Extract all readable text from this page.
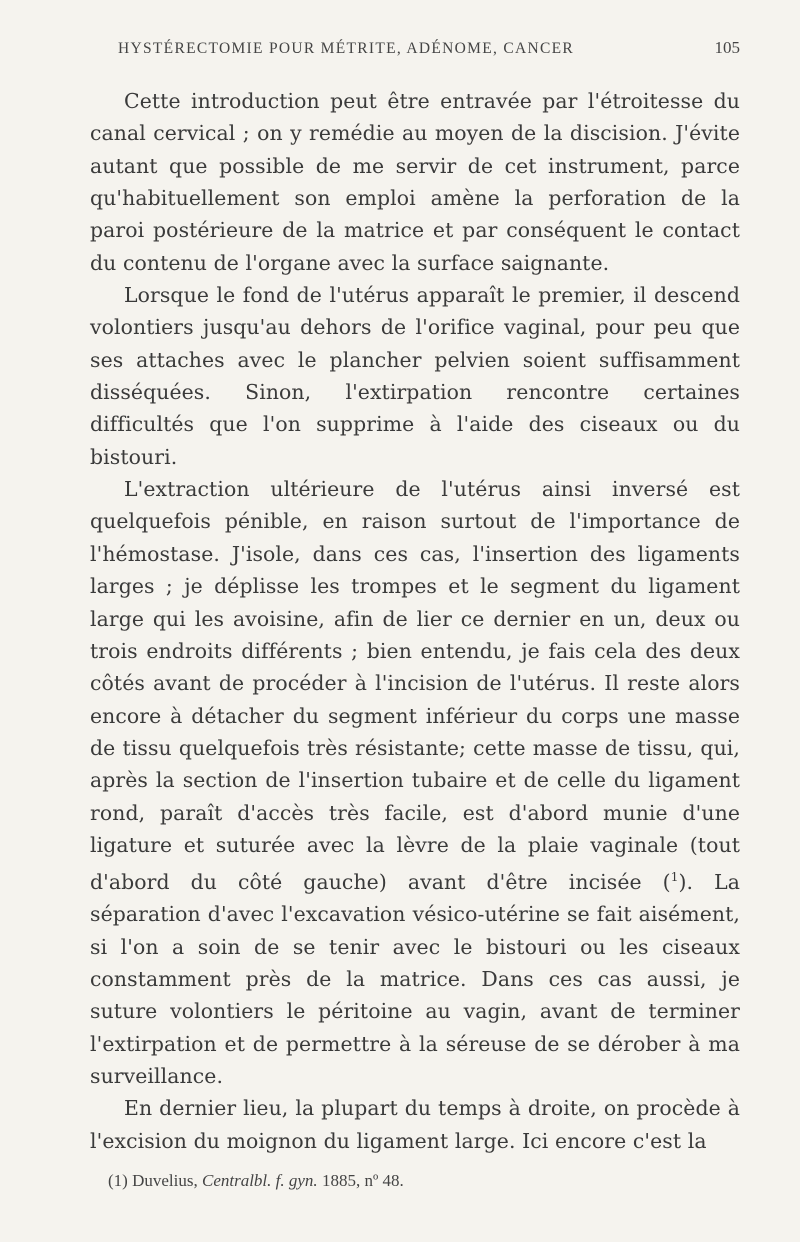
HYSTÉRECTOMIE POUR MÉTRITE, ADÉNOME, CANCER	105

Cette introduction peut être entravée par l'étroitesse du canal cervical ; on y remédie au moyen de la discision. J'évite autant que possible de me servir de cet instrument, parce qu'habituellement son emploi amène la perforation de la paroi postérieure de la matrice et par conséquent le contact du contenu de l'organe avec la surface saignante.

Lorsque le fond de l'utérus apparaît le premier, il descend volontiers jusqu'au dehors de l'orifice vaginal, pour peu que ses attaches avec le plancher pelvien soient suffisamment disséquées. Sinon, l'extirpation rencontre certaines difficultés que l'on supprime à l'aide des ciseaux ou du bistouri.

L'extraction ultérieure de l'utérus ainsi inversé est quelquefois pénible, en raison surtout de l'importance de l'hémostase. J'isole, dans ces cas, l'insertion des ligaments larges ; je déplisse les trompes et le segment du ligament large qui les avoisine, afin de lier ce dernier en un, deux ou trois endroits différents ; bien entendu, je fais cela des deux côtés avant de procéder à l'incision de l'utérus. Il reste alors encore à détacher du segment inférieur du corps une masse de tissu quelquefois très résistante; cette masse de tissu, qui, après la section de l'insertion tubaire et de celle du ligament rond, paraît d'accès très facile, est d'abord munie d'une ligature et suturée avec la lèvre de la plaie vaginale (tout d'abord du côté gauche) avant d'être incisée ($^1$). La séparation d'avec l'excavation vésico-utérine se fait aisément, si l'on a soin de se tenir avec le bistouri ou les ciseaux constamment près de la matrice. Dans ces cas aussi, je suture volontiers le péritoine au vagin, avant de terminer l'extirpation et de permettre à la séreuse de se dérober à ma surveillance.

En dernier lieu, la plupart du temps à droite, on procède à l'excision du moignon du ligament large. Ici encore c'est la

(1) Duvelius, Centralbl. f. gyn. 1885, nº 48.
